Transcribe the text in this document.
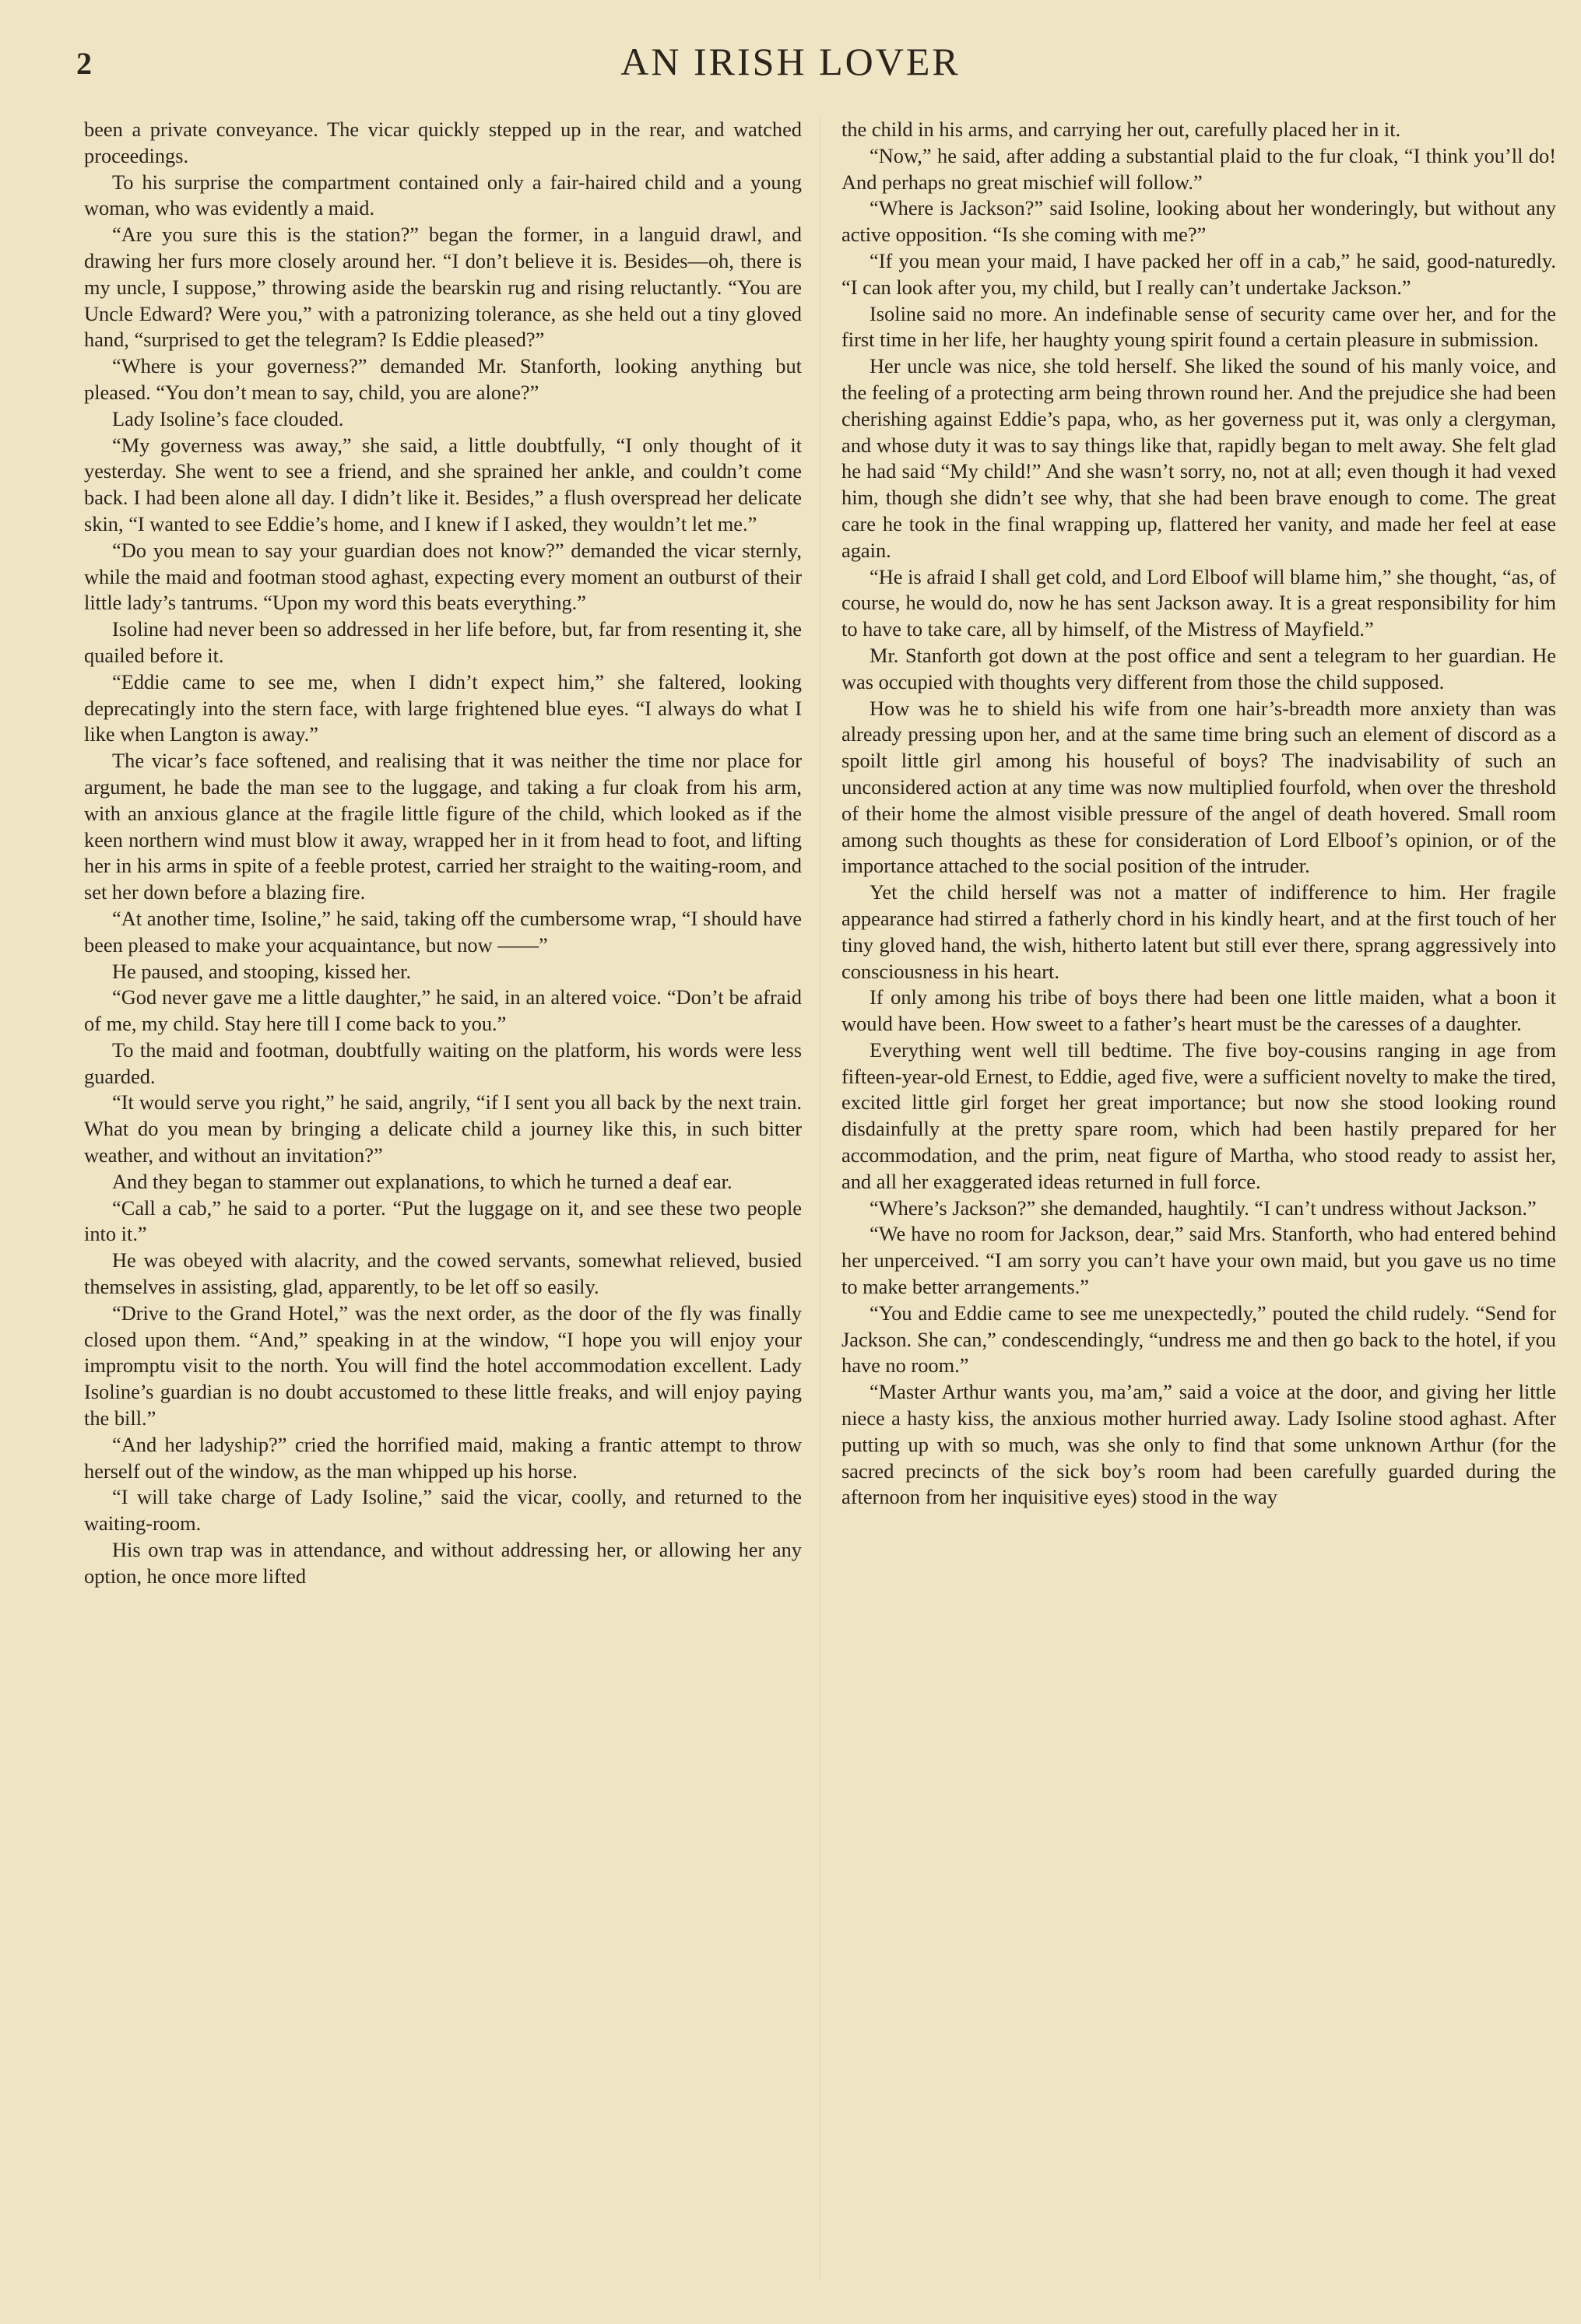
2	AN IRISH LOVER

been a private conveyance. The vicar quickly stepped up in the rear, and watched proceedings.

To his surprise the compartment contained only a fair-haired child and a young woman, who was evidently a maid.

“Are you sure this is the station?” began the former, in a languid drawl, and drawing her furs more closely around her. “I don’t believe it is. Besides—oh, there is my uncle, I suppose,” throwing aside the bearskin rug and rising reluctantly. “You are Uncle Edward? Were you,” with a patronizing tolerance, as she held out a tiny gloved hand, “surprised to get the telegram? Is Eddie pleased?”

“Where is your governess?” demanded Mr. Stanforth, looking anything but pleased. “You don’t mean to say, child, you are alone?”

Lady Isoline’s face clouded.

“My governess was away,” she said, a little doubtfully, “I only thought of it yesterday. She went to see a friend, and she sprained her ankle, and couldn’t come back. I had been alone all day. I didn’t like it. Besides,” a flush overspread her delicate skin, “I wanted to see Eddie’s home, and I knew if I asked, they wouldn’t let me.”

“Do you mean to say your guardian does not know?” demanded the vicar sternly, while the maid and footman stood aghast, expecting every moment an outburst of their little lady’s tantrums. “Upon my word this beats everything.”

Isoline had never been so addressed in her life before, but, far from resenting it, she quailed before it.

“Eddie came to see me, when I didn’t expect him,” she faltered, looking deprecatingly into the stern face, with large frightened blue eyes. “I always do what I like when Langton is away.”

The vicar’s face softened, and realising that it was neither the time nor place for argument, he bade the man see to the luggage, and taking a fur cloak from his arm, with an anxious glance at the fragile little figure of the child, which looked as if the keen northern wind must blow it away, wrapped her in it from head to foot, and lifting her in his arms in spite of a feeble protest, carried her straight to the waiting-room, and set her down before a blazing fire.

“At another time, Isoline,” he said, taking off the cumbersome wrap, “I should have been pleased to make your acquaintance, but now ——”

He paused, and stooping, kissed her.

“God never gave me a little daughter,” he said, in an altered voice. “Don’t be afraid of me, my child. Stay here till I come back to you.”

To the maid and footman, doubtfully waiting on the platform, his words were less guarded.

“It would serve you right,” he said, angrily, “if I sent you all back by the next train. What do you mean by bringing a delicate child a journey like this, in such bitter weather, and without an invitation?”

And they began to stammer out explanations, to which he turned a deaf ear.

“Call a cab,” he said to a porter. “Put the luggage on it, and see these two people into it.”

He was obeyed with alacrity, and the cowed servants, somewhat relieved, busied themselves in assisting, glad, apparently, to be let off so easily.

“Drive to the Grand Hotel,” was the next order, as the door of the fly was finally closed upon them. “And,” speaking in at the window, “I hope you will enjoy your impromptu visit to the north. You will find the hotel accommodation excellent. Lady Isoline’s guardian is no doubt accustomed to these little freaks, and will enjoy paying the bill.”

“And her ladyship?” cried the horrified maid, making a frantic attempt to throw herself out of the window, as the man whipped up his horse.

“I will take charge of Lady Isoline,” said the vicar, coolly, and returned to the waiting-room.

His own trap was in attendance, and without addressing her, or allowing her any option, he once more lifted

the child in his arms, and carrying her out, carefully placed her in it.

“Now,” he said, after adding a substantial plaid to the fur cloak, “I think you’ll do! And perhaps no great mischief will follow.”

“Where is Jackson?” said Isoline, looking about her wonderingly, but without any active opposition. “Is she coming with me?”

“If you mean your maid, I have packed her off in a cab,” he said, good-naturedly. “I can look after you, my child, but I really can’t undertake Jackson.”

Isoline said no more. An indefinable sense of security came over her, and for the first time in her life, her haughty young spirit found a certain pleasure in submission.

Her uncle was nice, she told herself. She liked the sound of his manly voice, and the feeling of a protecting arm being thrown round her. And the prejudice she had been cherishing against Eddie’s papa, who, as her governess put it, was only a clergyman, and whose duty it was to say things like that, rapidly began to melt away. She felt glad he had said “My child!” And she wasn’t sorry, no, not at all; even though it had vexed him, though she didn’t see why, that she had been brave enough to come. The great care he took in the final wrapping up, flattered her vanity, and made her feel at ease again.

“He is afraid I shall get cold, and Lord Elboof will blame him,” she thought, “as, of course, he would do, now he has sent Jackson away. It is a great responsibility for him to have to take care, all by himself, of the Mistress of Mayfield.”

Mr. Stanforth got down at the post office and sent a telegram to her guardian. He was occupied with thoughts very different from those the child supposed.

How was he to shield his wife from one hair’s-breadth more anxiety than was already pressing upon her, and at the same time bring such an element of discord as a spoilt little girl among his houseful of boys? The inadvisability of such an unconsidered action at any time was now multiplied fourfold, when over the threshold of their home the almost visible pressure of the angel of death hovered. Small room among such thoughts as these for consideration of Lord Elboof’s opinion, or of the importance attached to the social position of the intruder.

Yet the child herself was not a matter of indifference to him. Her fragile appearance had stirred a fatherly chord in his kindly heart, and at the first touch of her tiny gloved hand, the wish, hitherto latent but still ever there, sprang aggressively into consciousness in his heart.

If only among his tribe of boys there had been one little maiden, what a boon it would have been. How sweet to a father’s heart must be the caresses of a daughter.

Everything went well till bedtime. The five boy-cousins ranging in age from fifteen-year-old Ernest, to Eddie, aged five, were a sufficient novelty to make the tired, excited little girl forget her great importance; but now she stood looking round disdainfully at the pretty spare room, which had been hastily prepared for her accommodation, and the prim, neat figure of Martha, who stood ready to assist her, and all her exaggerated ideas returned in full force.

“Where’s Jackson?” she demanded, haughtily. “I can’t undress without Jackson.”

“We have no room for Jackson, dear,” said Mrs. Stanforth, who had entered behind her unperceived. “I am sorry you can’t have your own maid, but you gave us no time to make better arrangements.”

“You and Eddie came to see me unexpectedly,” pouted the child rudely. “Send for Jackson. She can,” condescendingly, “undress me and then go back to the hotel, if you have no room.”

“Master Arthur wants you, ma’am,” said a voice at the door, and giving her little niece a hasty kiss, the anxious mother hurried away. Lady Isoline stood aghast. After putting up with so much, was she only to find that some unknown Arthur (for the sacred precincts of the sick boy’s room had been carefully guarded during the afternoon from her inquisitive eyes) stood in the way
